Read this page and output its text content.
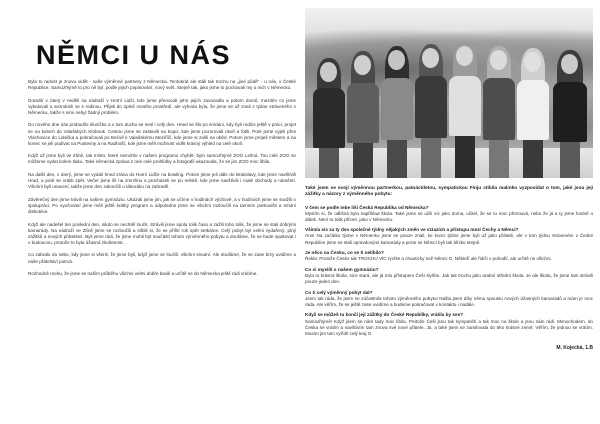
NĚMCI U NÁS

Byla to radost je znovu vidět - naše výměnné partnery z Německa. Tentokrát ale stáli tak trochu na „jiné půdě" - u nás, v České Republice. Samozřejmě to pro ně byl, podle jejich popisování, nový svět. Stejně tak, jako jsme to pocítovali my u nich v Německu.

Dorazili v úterý v neděli na nádraží v Horní Lidči, kde jsme přenocali jeho jejich zavazadla a potom domů, mezitím co jsme vybalovali a seznámili se s rodinou. Přijeli do úplně nového prostředí, ale vyhoda byla, že jsme se už znali z týdne stráveného v Německu, takže s nimi nebyl žádný problém.

Do nového dne nás probudilo sluníčko a v tom duchu se nesl i celý den. Hned se šlo po snídani, kdy byli rodiče ještě v práci, projet se na kolech do Valašských Klobouk. Cestou jsme se zastavili na kopci, kde jsme pozorovali okolí a fotili. Poté jsme vyjeli přes Vlachovice do Lidečka a pokračovali po Bečvě k Valašskému Meziříčí, kde jsme si zašli na oběd. Potom jsme projeli městem a na konec se jeli podívat na Pustevny a na Radhošť, kde jsme měli možnost vidět krásný výhled na celé okolí.

Když už jsme byli ve Zlíně, tak místo, které nemohlo v našem programu chybět, bylo samozřejmě ZOO Lešná. Tou celé ZOO se můžeme vydat kolem tlaku. Také německá zpráva z oné celé prohlídky a fotografií ukazovala, že se jim ZOO moc líbila.

Na další den, v úterý, jsme se vydali hned zrána do Horní Lidče na bowling. Potom jsme jeli dále do Bratislavy, kde jsme navštívili Hrad, a poté se vrátili zpět. Večer jsme šli na zmrzlinu a procházeli se po městě, kde jsme navštívili i malé obchody a náměstí. Všichni byli unavení, takže jsme den zakončili u táboráku na zahradě.

Závěrečný den jsme trávili na našem gymnáziu. Ukázali jsme jim, jak se učíme v hodinách výchově, a v hodinách jsme se snažili o spolupráci. Po vyučování jsme měli ještě krátký program a odpoledne jsme se všichni rozloučili na tamním parkovišti a místní diskotéce.

Když ale nadešel ten poslední den, nikdo se nechtěl loučit. Strávili jsme spolu tolik času a zažili toho tolik, že jsme se stali dobrými kamarády. Na nádraží ve Zlíně jsme se rozloučili a slíbili si, že se příští rok opět setkáme. Celý pobyt byl velmi vydařený, plný zážitků a nových přátelství. Byli jsme rádi, že jsme mohli být součástí tohoto výměnného pobytu a doufáme, že se bude opakovat i v budoucnu, protože to byla úžasná zkušenost.

Co zabralo do sebe, kdy jsme si všimli, že jsme byli, když jsme se loučili, všichni smutní. Ale doufáme, že se zase brzy uvidíme a naše přátelství potrvá.

Rozhodně mohu, že jsme se naším průběhu všichni velmi dobře bavili a určitě se do Německa ještě rádi vrátíme.

Také jsem se svojí výměnnou partnerkou, patnáctiletou, sympatickou Finju ctibila malinko vyzpovídat o tom, jaké jsou její zážitky a názory z výměnného pobytu:

V čem se podle tebe liší Česká Republika od Německa?

Myslím si, že odlišná byla například škola. Také jsme se učili víc jako doma, učitel, že se tu moc přezouvá, nebo že já a ty jsme hodně u dálek. Není to tolik přísné, jako v Německu.

Všimla sis za ty dva společné týdny nějakých změn ve vztazích a přístupu mezi Čechy a Němci?

Ano! Na začátku týdne v Německu jsme se pouze znali, ke konci týdne jsme byli už jako přátelé, ale v tom týdnu stráveném v České Republice jsme se stali opravdovými kamarády a proto se Němci byli tak blízko stejně.

Je něco na Česku, co se ti nelíbilo?

Řekla: Protože Česko tak TROCHU VÍC rychle a chaoticky než Němci G. Někteří ale řidiči v pohodlí, ale určitě ne všichni.

Co si myslíš o našem gymnáziu?

Byla to krásná škola, sice stará, ale já mlu přístupem Češi slyšíte. Jak tak trochu jako arabní střední škola. Je ale škola, že jsme tam strávili pouze jeden den.

Co ti celý výměnný pobyt dal?

Jsem tak ráda, že jsem se zúčastnila tohoto výměnného pobytu! Našla jsem díky němu spoustu nových úžasných kamarádů a mám je moc ráda. Ale věřím, že se ještě zase uvidíme a budeme pokračovat v kontaktu i nadále.

Když se můžeš tu končí její zážitky do České Republiky, vrátila by ses?

Samozřejmě! Když jsem se nám tady moc líbila. Protože Češi jsou tak sympatičtí a tak moc na škole a jsou nám rádi. Mimochodem, do Česka se vrátím a navštívím tam znova své nové přátele. Ja, a také jsem se zamilovala do této krásné země. Věřím, že jednou se vrátím. Musím jim tam vyřídit celý kraj G.

M. Kojecká, 1.B
